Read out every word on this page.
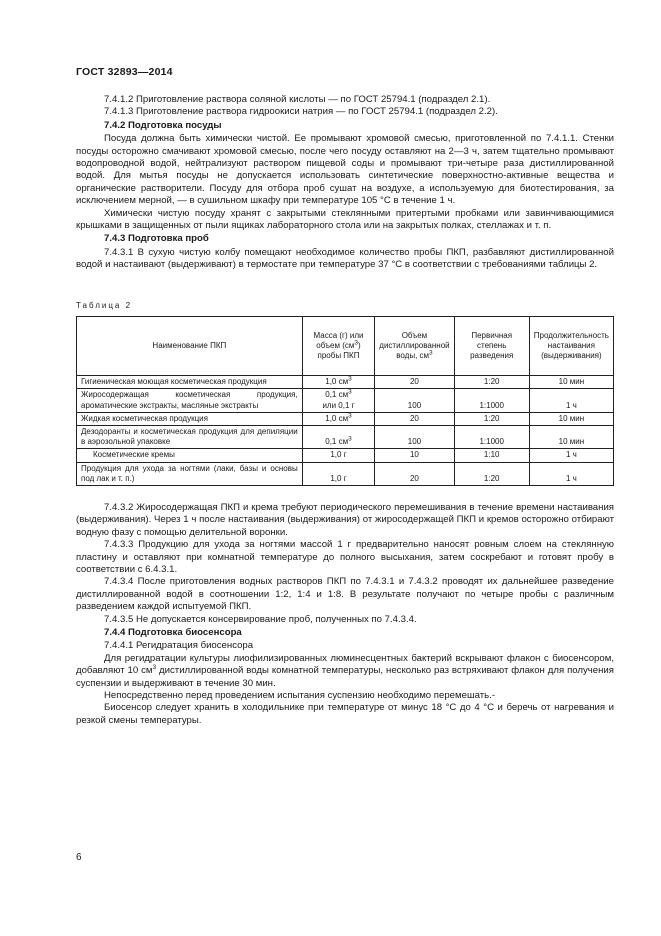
ГОСТ 32893—2014

7.4.1.2 Приготовление раствора соляной кислоты — по ГОСТ 25794.1 (подраздел 2.1).

7.4.1.3 Приготовление раствора гидроокиси натрия — по ГОСТ 25794.1 (подраздел 2.2).

7.4.2 Подготовка посуды

Посуда должна быть химически чистой. Ее промывают хромовой смесью, приготовленной по 7.4.1.1. Стенки посуды осторожно смачивают хромовой смесью, после чего посуду оставляют на 2—3 ч, затем тщательно промывают водопроводной водой, нейтрализуют раствором пищевой соды и промывают три-четыре раза дистиллированной водой. Для мытья посуды не допускается использовать синтетические поверхностно-активные вещества и органические растворители. Посуду для отбора проб сушат на воздухе, а используемую для биотестирования, за исключением мерной, — в сушильном шкафу при температуре 105 °С в течение 1 ч.

Химически чистую посуду хранят с закрытыми стеклянными притертыми пробками или завинчивающимися крышками в защищенных от пыли ящиках лабораторного стола или на закрытых полках, стеллажах и т. п.

7.4.3 Подготовка проб

7.4.3.1 В сухую чистую колбу помещают необходимое количество пробы ПКП, разбавляют дистиллированной водой и настаивают (выдерживают) в термостате при температуре 37 °С в соответствии с требованиями таблицы 2.

Таблица 2

Наименование ПКП	Масса (г) или объем $(см^3)$ пробы ПКП	Объем дистиллированной воды, $см^3$	Первичная степень разведения	Продолжительность настаивания (выдерживания)
Гигиеническая моющая косметическая продукция	1,0 $см^3$	20	1:20	10 мин
Жиросодержащая косметическая продукция, ароматические экстракты, масляные экстракты	0,1 $см^3$
или 0,1 г	100	1:1000	1 ч
Жидкая косметическая продукция	1,0 $см^3$	20	1:20	10 мин
Дезодоранты и косметическая продукция для депиляции в аэрозольной упаковке	0,1 $см^3$	100	1:1000	10 мин
Косметические кремы	1,0 г	10	1:10	1 ч
Продукция для ухода за ногтями (лаки, базы и основы под лак и т. п.)	1,0 г	20	1:20	1 ч

7.4.3.2 Жиросодержащая ПКП и крема требуют периодического перемешивания в течение времени настаивания (выдерживания). Через 1 ч после настаивания (выдерживания) от жиросодержащей ПКП и кремов осторожно отбирают водную фазу с помощью делительной воронки.

7.4.3.3 Продукцию для ухода за ногтями массой 1 г предварительно наносят ровным слоем на стеклянную пластину и оставляют при комнатной температуре до полного высыхания, затем соскребают и готовят пробу в соответствии с 6.4.3.1.

7.4.3.4 После приготовления водных растворов ПКП по 7.4.3.1 и 7.4.3.2 проводят их дальнейшее разведение дистиллированной водой в соотношении 1:2, 1:4 и 1:8. В результате получают по четыре пробы с различным разведением каждой испытуемой ПКП.

7.4.3.5 Не допускается консервирование проб, полученных по 7.4.3.4.

7.4.4 Подготовка биосенсора

7.4.4.1 Регидратация биосенсора

Для регидратации культуры лиофилизированных люминесцентных бактерий вскрывают флакон с биосенсором, добавляют 10 $см^3$ дистиллированной воды комнатной температуры, несколько раз встряхивают флакон для получения суспензии и выдерживают в течение 30 мин.

Непосредственно перед проведением испытания суспензию необходимо перемешать.-

Биосенсор следует хранить в холодильнике при температуре от минус 18 °С до 4 °С и беречь от нагревания и резкой смены температуры.

6
